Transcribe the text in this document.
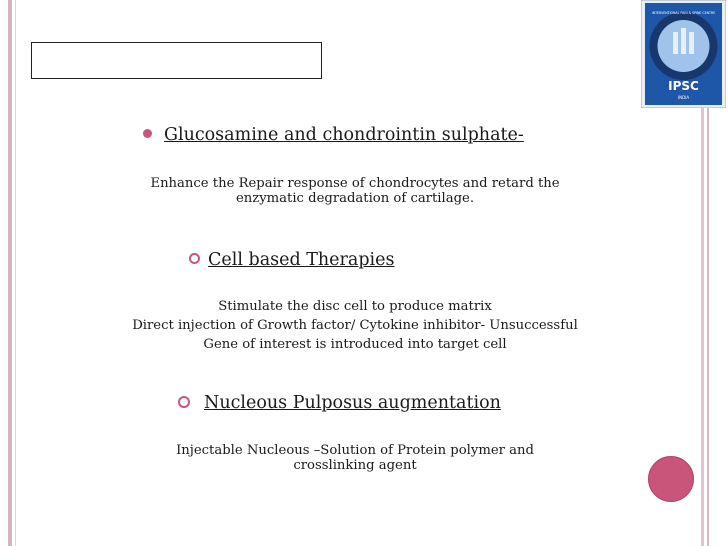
INTERVENTIONAL PAIN & SPINE CENTRE
IPSC
INDIA
Glucosamine and chondrointin sulphate-
Enhance the Repair response of chondrocytes and retard the
enzymatic degradation of cartilage.
Cell based Therapies
Stimulate the disc cell to produce matrix
Direct injection of Growth factor/ Cytokine inhibitor- Unsuccessful
Gene of interest is introduced into target cell
Nucleous Pulposus augmentation
Injectable Nucleous –Solution of Protein polymer and
crosslinking agent
